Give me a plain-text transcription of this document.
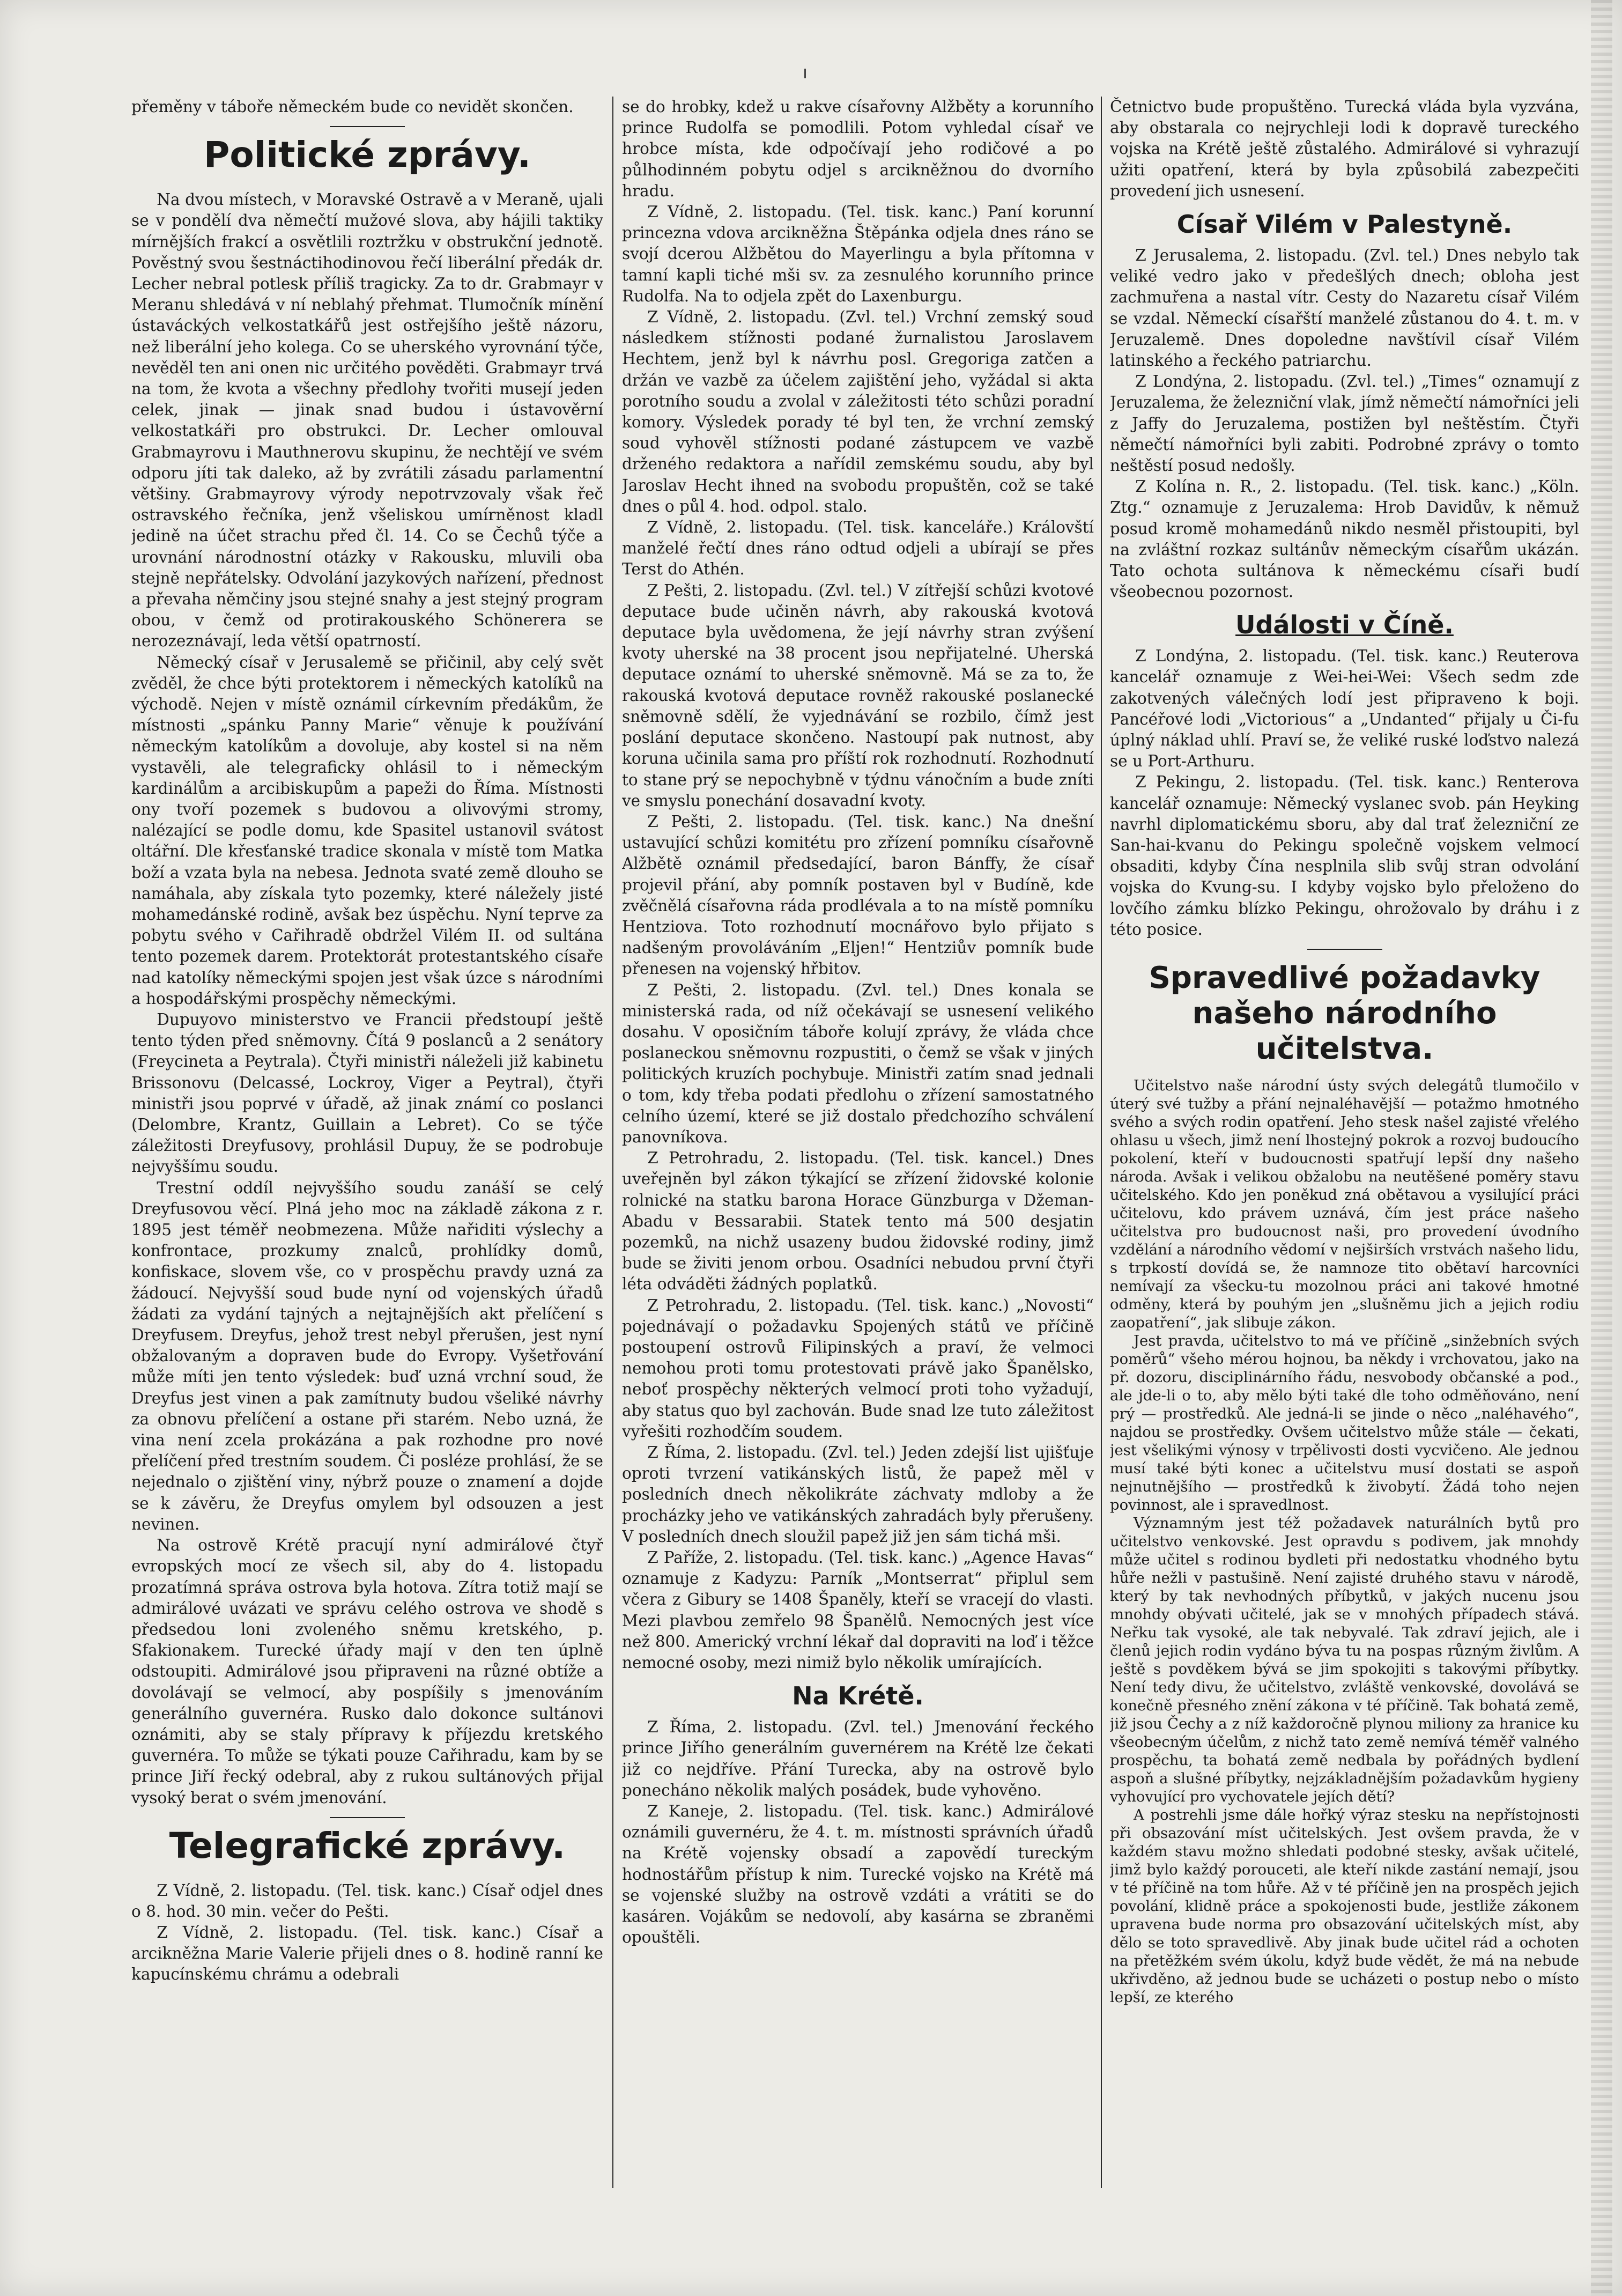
přeměny v táboře německém bude co nevidět skončen.

Politické zprávy.

Na dvou místech, v Moravské Ostravě a v Meraně, ujali se v pondělí dva němečtí mužové slova, aby hájili taktiky mírnějších frakcí a osvětlili roztržku v obstrukční jednotě. Pověstný svou šestnáctihodinovou řečí liberální předák dr. Lecher nebral potlesk příliš tragicky. Za to dr. Grabmayr v Meranu shledává v ní neblahý přehmat. Tlumočník mínění ústaváckých velkostatkářů jest ostřejšího ještě názoru, než liberální jeho kolega. Co se uherského vyrovnání týče, nevěděl ten ani onen nic určitého pověděti. Grabmayr trvá na tom, že kvota a všechny předlohy tvořiti musejí jeden celek, jinak — jinak snad budou i ústavověrní velkostatkáři pro obstrukci. Dr. Lecher omlouval Grabmayrovu i Mauthnerovu skupinu, že nechtějí ve svém odporu jíti tak daleko, až by zvrátili zásadu parlamentní většiny. Grabmayrovy výrody nepotrvzovaly však řeč ostravského řečníka, jenž všeliskou umírněnost kladl jedině na účet strachu před čl. 14. Co se Čechů týče a urovnání národnostní otázky v Rakousku, mluvili oba stejně nepřátelsky. Odvolání jazykových nařízení, přednost a převaha němčiny jsou stejné snahy a jest stejný program obou, v čemž od protirakouského Schönerera se nerozeznávají, leda větší opatrností.

Německý císař v Jerusalemě se přičinil, aby celý svět zvěděl, že chce býti protektorem i německých katolíků na východě. Nejen v místě oznámil církevním předákům, že místnosti „spánku Panny Marie“ věnuje k používání německým katolíkům a dovoluje, aby kostel si na něm vystavěli, ale telegraficky ohlásil to i německým kardinálům a arcibiskupům a papeži do Říma. Místnosti ony tvoří pozemek s budovou a olivovými stromy, nalézající se podle domu, kde Spasitel ustanovil svátost oltářní. Dle křesťanské tradice skonala v místě tom Matka boží a vzata byla na nebesa. Jednota svaté země dlouho se namáhala, aby získala tyto pozemky, které náležely jisté mohamedánské rodině, avšak bez úspěchu. Nyní teprve za pobytu svého v Cařihradě obdržel Vilém II. od sultána tento pozemek darem. Protektorát protestantského císaře nad katolíky německými spojen jest však úzce s národními a hospodářskými prospěchy německými.

Dupuyovo ministerstvo ve Francii předstoupí ještě tento týden před sněmovny. Čítá 9 poslanců a 2 senátory (Freycineta a Peytrala). Čtyři ministři náleželi již kabinetu Brissonovu (Delcassé, Lockroy, Viger a Peytral), čtyři ministři jsou poprvé v úřadě, až jinak známí co poslanci (Delombre, Krantz, Guillain a Lebret). Co se týče záležitosti Dreyfusovy, prohlásil Dupuy, že se podrobuje nejvyššímu soudu.

Trestní oddíl nejvyššího soudu zanáší se celý Dreyfusovou věcí. Plná jeho moc na základě zákona z r. 1895 jest téměř neobmezena. Může nařiditi výslechy a konfrontace, prozkumy znalců, prohlídky domů, konfiskace, slovem vše, co v prospěchu pravdy uzná za žádoucí. Nejvyšší soud bude nyní od vojenských úřadů žádati za vydání tajných a nejtajnějších akt přelíčení s Dreyfusem. Dreyfus, jehož trest nebyl přerušen, jest nyní obžalovaným a dopraven bude do Evropy. Vyšetřování může míti jen tento výsledek: buď uzná vrchní soud, že Dreyfus jest vinen a pak zamítnuty budou všeliké návrhy za obnovu přelíčení a ostane při starém. Nebo uzná, že vina není zcela prokázána a pak rozhodne pro nové přelíčení před trestním soudem. Či posléze prohlásí, že se nejednalo o zjištění viny, nýbrž pouze o znamení a dojde se k závěru, že Dreyfus omylem byl odsouzen a jest nevinen.

Na ostrově Krétě pracují nyní admirálové čtyř evropských mocí ze všech sil, aby do 4. listopadu prozatímná správa ostrova byla hotova. Zítra totiž mají se admirálové uvázati ve správu celého ostrova ve shodě s předsedou loni zvoleného sněmu kretského, p. Sfakionakem. Turecké úřady mají v den ten úplně odstoupiti. Admirálové jsou připraveni na různé obtíže a dovolávají se velmocí, aby pospíšily s jmenováním generálního guvernéra. Rusko dalo dokonce sultánovi oznámiti, aby se staly přípravy k příjezdu kretského guvernéra. To může se týkati pouze Cařihradu, kam by se prince Jiří řecký odebral, aby z rukou sultánových přijal vysoký berat o svém jmenování.

Telegrafické zprávy.

Z Vídně, 2. listopadu. (Tel. tisk. kanc.) Císař odjel dnes o 8. hod. 30 min. večer do Pešti.

Z Vídně, 2. listopadu. (Tel. tisk. kanc.) Císař a arcikněžna Marie Valerie přijeli dnes o 8. hodině ranní ke kapucínskému chrámu a odebrali

se do hrobky, kdež u rakve císařovny Alžběty a korunního prince Rudolfa se pomodlili. Potom vyhledal císař ve hrobce místa, kde odpočívají jeho rodičové a po půlhodinném pobytu odjel s arcikněžnou do dvorního hradu.

Z Vídně, 2. listopadu. (Tel. tisk. kanc.) Paní korunní princezna vdova arcikněžna Štěpánka odjela dnes ráno se svojí dcerou Alžbětou do Mayerlingu a byla přítomna v tamní kapli tiché mši sv. za zesnulého korunního prince Rudolfa. Na to odjela zpět do Laxenburgu.

Z Vídně, 2. listopadu. (Zvl. tel.) Vrchní zemský soud následkem stížnosti podané žurnalistou Jaroslavem Hechtem, jenž byl k návrhu posl. Gregoriga zatčen a držán ve vazbě za účelem zajištění jeho, vyžádal si akta porotního soudu a zvolal v záležitosti této schůzi poradní komory. Výsledek porady té byl ten, že vrchní zemský soud vyhověl stížnosti podané zástupcem ve vazbě drženého redaktora a nařídil zemskému soudu, aby byl Jaroslav Hecht ihned na svobodu propuštěn, což se také dnes o půl 4. hod. odpol. stalo.

Z Vídně, 2. listopadu. (Tel. tisk. kanceláře.) Královští manželé řečtí dnes ráno odtud odjeli a ubírají se přes Terst do Athén.

Z Pešti, 2. listopadu. (Zvl. tel.) V zítřejší schůzi kvotové deputace bude učiněn návrh, aby rakouská kvotová deputace byla uvědomena, že její návrhy stran zvýšení kvoty uherské na 38 procent jsou nepřijatelné. Uherská deputace oznámí to uherské sněmovně. Má se za to, že rakouská kvotová deputace rovněž rakouské poslanecké sněmovně sdělí, že vyjednávání se rozbilo, čímž jest poslání deputace skončeno. Nastoupí pak nutnost, aby koruna učinila sama pro příští rok rozhodnutí. Rozhodnutí to stane prý se nepochybně v týdnu vánočním a bude zníti ve smyslu ponechání dosavadní kvoty.

Z Pešti, 2. listopadu. (Tel. tisk. kanc.) Na dnešní ustavující schůzi komitétu pro zřízení pomníku císařovně Alžbětě oznámil předsedající, baron Bánffy, že císař projevil přání, aby pomník postaven byl v Budíně, kde zvěčnělá císařovna ráda prodlévala a to na místě pomníku Hentziova. Toto rozhodnutí mocnářovo bylo přijato s nadšeným provoláváním „Eljen!“ Hentziův pomník bude přenesen na vojenský hřbitov.

Z Pešti, 2. listopadu. (Zvl. tel.) Dnes konala se ministerská rada, od níž očekávají se usnesení velikého dosahu. V oposičním táboře kolují zprávy, že vláda chce poslaneckou sněmovnu rozpustiti, o čemž se však v jiných politických kruzích pochybuje. Ministři zatím snad jednali o tom, kdy třeba podati předlohu o zřízení samostatného celního území, které se již dostalo předchozího schválení panovníkova.

Z Petrohradu, 2. listopadu. (Tel. tisk. kancel.) Dnes uveřejněn byl zákon týkající se zřízení židovské kolonie rolnické na statku barona Horace Günzburga v Džeman-Abadu v Bessarabii. Statek tento má 500 desjatin pozemků, na nichž usazeny budou židovské rodiny, jimž bude se živiti jenom orbou. Osadníci nebudou první čtyři léta odváděti žádných poplatků.

Z Petrohradu, 2. listopadu. (Tel. tisk. kanc.) „Novosti“ pojednávají o požadavku Spojených států ve příčině postoupení ostrovů Filipinských a praví, že velmoci nemohou proti tomu protestovati právě jako Španělsko, neboť prospěchy některých velmocí proti toho vyžadují, aby status quo byl zachován. Bude snad lze tuto záležitost vyřešiti rozhodčím soudem.

Z Říma, 2. listopadu. (Zvl. tel.) Jeden zdejší list ujišťuje oproti tvrzení vatikánských listů, že papež měl v posledních dnech několikráte záchvaty mdloby a že procházky jeho ve vatikánských zahradách byly přerušeny. V posledních dnech sloužil papež již jen sám tichá mši.

Z Paříže, 2. listopadu. (Tel. tisk. kanc.) „Agence Havas“ oznamuje z Kadyzu: Parník „Montserrat“ připlul sem včera z Gibury se 1408 Španěly, kteří se vracejí do vlasti. Mezi plavbou zemřelo 98 Španělů. Nemocných jest více než 800. Americký vrchní lékař dal dopraviti na loď i těžce nemocné osoby, mezi nimiž bylo několik umírajících.

Na Krétě.

Z Říma, 2. listopadu. (Zvl. tel.) Jmenování řeckého prince Jiřího generálním guvernérem na Krétě lze čekati již co nejdříve. Přání Turecka, aby na ostrově bylo ponecháno několik malých posádek, bude vyhověno.

Z Kaneje, 2. listopadu. (Tel. tisk. kanc.) Admirálové oznámili guvernéru, že 4. t. m. místnosti správních úřadů na Krétě vojensky obsadí a zapovědí tureckým hodnostářům přístup k nim. Turecké vojsko na Krétě má se vojenské služby na ostrově vzdáti a vrátiti se do kasáren. Vojákům se nedovolí, aby kasárna se zbraněmi opouštěli.

Četnictvo bude propuštěno. Turecká vláda byla vyzvána, aby obstarala co nejrychleji lodi k dopravě tureckého vojska na Krétě ještě zůstalého. Admirálové si vyhrazují užiti opatření, která by byla způsobilá zabezpečiti provedení jich usnesení.

Císař Vilém v Palestyně.

Z Jerusalema, 2. listopadu. (Zvl. tel.) Dnes nebylo tak veliké vedro jako v předešlých dnech; obloha jest zachmuřena a nastal vítr. Cesty do Nazaretu císař Vilém se vzdal. Německí císařští manželé zůstanou do 4. t. m. v Jeruzalemě. Dnes dopoledne navštívil císař Vilém latinského a řeckého patriarchu.

Z Londýna, 2. listopadu. (Zvl. tel.) „Times“ oznamují z Jeruzalema, že železniční vlak, jímž němečtí námořníci jeli z Jaffy do Jeruzalema, postižen byl neštěstím. Čtyři němečtí námořníci byli zabiti. Podrobné zprávy o tomto neštěstí posud nedošly.

Z Kolína n. R., 2. listopadu. (Tel. tisk. kanc.) „Köln. Ztg.“ oznamuje z Jeruzalema: Hrob Davidův, k němuž posud kromě mohamedánů nikdo nesměl přistoupiti, byl na zvláštní rozkaz sultánův německým císařům ukázán. Tato ochota sultánova k německému císaři budí všeobecnou pozornost.

Události v Číně.

Z Londýna, 2. listopadu. (Tel. tisk. kanc.) Reuterova kancelář oznamuje z Wei-hei-Wei: Všech sedm zde zakotvených válečných lodí jest připraveno k boji. Pancéřové lodi „Victorious“ a „Undanted“ přijaly u Či-fu úplný náklad uhlí. Praví se, že veliké ruské loďstvo nalezá se u Port-Arthuru.

Z Pekingu, 2. listopadu. (Tel. tisk. kanc.) Renterova kancelář oznamuje: Německý vyslanec svob. pán Heyking navrhl diplomatickému sboru, aby dal trať železniční ze San-hai-kvanu do Pekingu společně vojskem velmocí obsaditi, kdyby Čína nesplnila slib svůj stran odvolání vojska do Kvung-su. I kdyby vojsko bylo přeloženo do lovčího zámku blízko Pekingu, ohrožovalo by dráhu i z této posice.

Spravedlivé požadavky našeho národního učitelstva.

Učitelstvo naše národní ústy svých delegátů tlumočilo v úterý své tužby a přání nejnaléhavější — potažmo hmotného svého a svých rodin opatření. Jeho stesk našel zajisté vřelého ohlasu u všech, jimž není lhostejný pokrok a rozvoj budoucího pokolení, kteří v budoucnosti spatřují lepší dny našeho národa. Avšak i velikou obžalobu na neutěšené poměry stavu učitelského. Kdo jen poněkud zná obětavou a vysilující práci učitelovu, kdo právem uznává, čím jest práce našeho učitelstva pro budoucnost naši, pro provedení úvodního vzdělání a národního vědomí v nejširších vrstvách našeho lidu, s trpkostí dovídá se, že namnoze tito obětaví harcovníci nemívají za všecku-tu mozolnou práci ani takové hmotné odměny, která by pouhým jen „slušněmu jich a jejich rodiu zaopatření“, jak slibuje zákon.

Jest pravda, učitelstvo to má ve příčině „sinžebních svých poměrů“ všeho mérou hojnou, ba někdy i vrchovatou, jako na př. dozoru, disciplinárního řádu, nesvobody občanské a pod., ale jde-li o to, aby mělo býti také dle toho odměňováno, není prý — prostředků. Ale jedná-li se jinde o něco „naléhavého“, najdou se prostředky. Ovšem učitelstvo může stále — čekati, jest všelikými výnosy v trpělivosti dosti vycvičeno. Ale jednou musí také býti konec a učitelstvu musí dostati se aspoň nejnutnějšího — prostředků k živobytí. Žádá toho nejen povinnost, ale i spravedlnost.

Významným jest též požadavek naturálních bytů pro učitelstvo venkovské. Jest opravdu s podivem, jak mnohdy může učitel s rodinou bydleti při nedostatku vhodného bytu hůře nežli v pastušině. Není zajisté druhého stavu v národě, který by tak nevhodných příbytků, v jakých nucenu jsou mnohdy obývati učitelé, jak se v mnohých případech stává. Neřku tak vysoké, ale tak nebyvalé. Tak zdraví jejich, ale i členů jejich rodin vydáno býva tu na pospas různým živlům. A ještě s povděkem bývá se jim spokojiti s takovými příbytky. Není tedy divu, že učitelstvo, zvláště venkovské, dovolává se konečně přesného znění zákona v té příčině. Tak bohatá země, již jsou Čechy a z níž každoročně plynou miliony za hranice ku všeobecným účelům, z nichž tato země nemívá téměř valného prospěchu, ta bohatá země nedbala by pořádných bydlení aspoň a slušné příbytky, nejzákladnějším požadavkům hygieny vyhovující pro vychovatele jejích dětí?

A postrehli jsme dále hořký výraz stesku na nepřístojnosti při obsazování míst učitelských. Jest ovšem pravda, že v každém stavu možno shledati podobné stesky, avšak učitelé, jimž bylo každý porouceti, ale kteří nikde zastání nemají, jsou v té příčině na tom hůře. Až v té příčině jen na prospěch jejich povolání, klidně práce a spokojenosti bude, jestliže zákonem upravena bude norma pro obsazování učitelských míst, aby dělo se toto spravedlivě. Aby jinak bude učitel rád a ochoten na přetěžkém svém úkolu, když bude vědět, že má na nebude ukřivděno, až jednou bude se ucházeti o postup nebo o místo lepší, ze kterého
